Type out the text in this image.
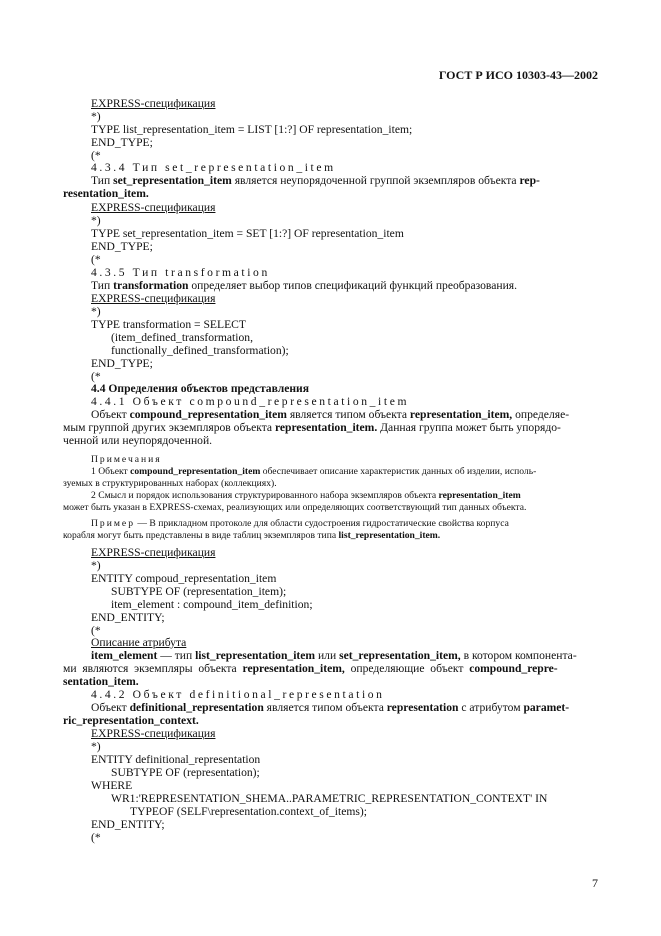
ГОСТ Р ИСО 10303-43—2002
EXPRESS-спецификация
*)
TYPE list_representation_item = LIST [1:?] OF representation_item;
END_TYPE;
(*
4.3.4 Тип set_representation_item
Тип set_representation_item является неупорядоченной группой экземпляров объекта rep-
resentation_item.
EXPRESS-спецификация
*)
TYPE set_representation_item = SET [1:?] OF representation_item
END_TYPE;
(*
4.3.5 Тип transformation
Тип transformation определяет выбор типов спецификаций функций преобразования.
EXPRESS-спецификация
*)
TYPE transformation = SELECT
(item_defined_transformation,
functionally_defined_transformation);
END_TYPE;
(*
4.4 Определения объектов представления
4.4.1 Объект compound_representation_item
Объект compound_representation_item является типом объекта representation_item, определяе-
мым группой других экземпляров объекта representation_item. Данная группа может быть упорядо-
ченной или неупорядоченной.
Примечания
1 Объект compound_representation_item обеспечивает описание характеристик данных об изделии, исполь-
зуемых в структурированных наборах (коллекциях).
2 Смысл и порядок использования структурированного набора экземпляров объекта representation_item
может быть указан в EXPRESS-схемах, реализующих или определяющих соответствующий тип данных объекта.
Пример — В прикладном протоколе для области судостроения гидростатические свойства корпуса
корабля могут быть представлены в виде таблиц экземпляров типа list_representation_item.
EXPRESS-спецификация
*)
ENTITY compoud_representation_item
SUBTYPE OF (representation_item);
item_element : compound_item_definition;
END_ENTITY;
(*
Описание атрибута
item_element — тип list_representation_item или set_representation_item, в котором компонента-
ми  являются  экземпляры  объекта  representation_item,  определяющие  объект  compound_repre-
sentation_item.
4.4.2 Объект definitional_representation
Объект definitional_representation является типом объекта representation с атрибутом paramet-
ric_representation_context.
EXPRESS-спецификация
*)
ENTITY definitional_representation
SUBTYPE OF (representation);
WHERE
WR1:'REPRESENTATION_SHEMA..PARAMETRIC_REPRESENTATION_CONTEXT' IN
TYPEOF (SELF\representation.context_of_items);
END_ENTITY;
(*
7
